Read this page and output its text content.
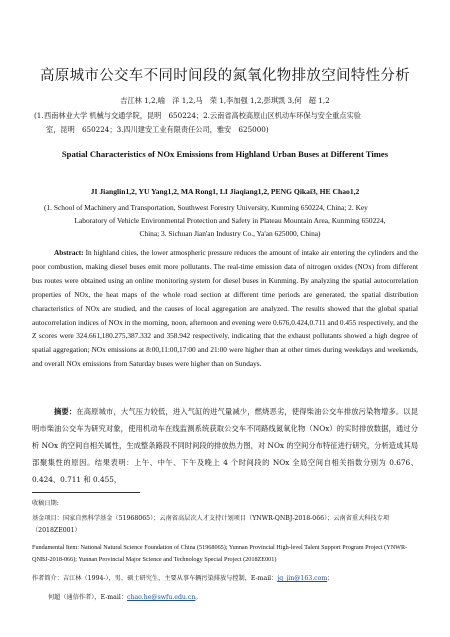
高原城市公交车不同时间段的氮氧化物排放空间特性分析
吉江林 1,2,喻　洋 1,2,马　荣 1,李加强 1,2,彭琪凯 3,何　超 1,2
(1. 西南林业大学 机械与交通学院，昆明　650224；2.云南省高校高原山区机动车环保与安全重点实验
室，昆明　650224；3.四川建安工业有限责任公司，雅安　625000)
Spatial Characteristics of NOx Emissions from Highland Urban Buses at Different Times
JI Jianglin1,2, YU Yang1,2, MA Rong1, LI Jiaqiang1,2, PENG Qikai3, HE Chao1,2
(1. School of Machinery and Transportation, Southwest Forestry University, Kunming 650224, China; 2. Key
Laboratory of Vehicle Environmental Protection and Safety in Plateau Mountain Area, Kunming 650224,
China; 3. Sichuan Jian'an Industry Co., Ya'an 625000, China)
Abstract: In highland cities, the lower atmospheric pressure reduces the amount of intake air entering the cylinders and the poor combustion, making diesel buses emit more pollutants. The real-time emission data of nitrogen oxides (NOx) from different bus routes were obtained using an online monitoring system for diesel buses in Kunming. By analyzing the spatial autocorrelation properties of NOx, the heat maps of the whole road section at different time periods are generated, the spatial distribution characteristics of NOx are studied, and the causes of local aggregation are analyzed. The results showed that the global spatial autocorrelation indices of NOx in the morning, noon, afternoon and evening were 0.676,0.424,0.711 and 0.455 respectively, and the Z scores were 324.661,180.275,387.332 and 358.942 respectively, indicating that the exhaust pollutants showed a high degree of spatial aggregation; NOx emissions at 8:00,11:00,17:00 and 21:00 were higher than at other times during weekdays and weekends, and overall NOx emissions from Saturday buses were higher than on Sundays.
摘要：在高原城市，大气压力较低，进入气缸的进气量减少，燃烧恶劣，使得柴油公交车排放污染物增多。以昆明市柴油公交车为研究对象，使用机动车在线监测系统获取公交车不同路线氮氧化物（NOx）的实时排放数据，通过分析 NOx 的空间自相关属性，生成整条路段不同时间段的排放热力图，对 NOx 的空间分布特征进行研究，分析造成其局部聚集性的原因。结果表明：上午、中午、下午及晚上 4 个时间段的 NOx 全局空间自相关指数分别为 0.676、0.424、0.711 和 0.455，
收稿日期:
基金项目：国家自然科学基金（51968065）；云南省高层次人才支持计划项目（YNWR-QNBJ-2018-066）；云南省重大科技专项（2018ZE001）
Fundamental Item: National Natural Science Foundation of China (51968065); Yunnan Provincial High-level Talent Support Program Project (YNWR-QNBJ-2018-066); Yunnan Provincial Major Science and Technology Special Project (2018ZE001)
作者简介：吉江林（1994-），男，硕士研究生，主要从事车辆污染排放与控制，E-mail：jq_jin@163.com；
何超（通信作者），E-mail：chao.he@swfu.edu.cn。
